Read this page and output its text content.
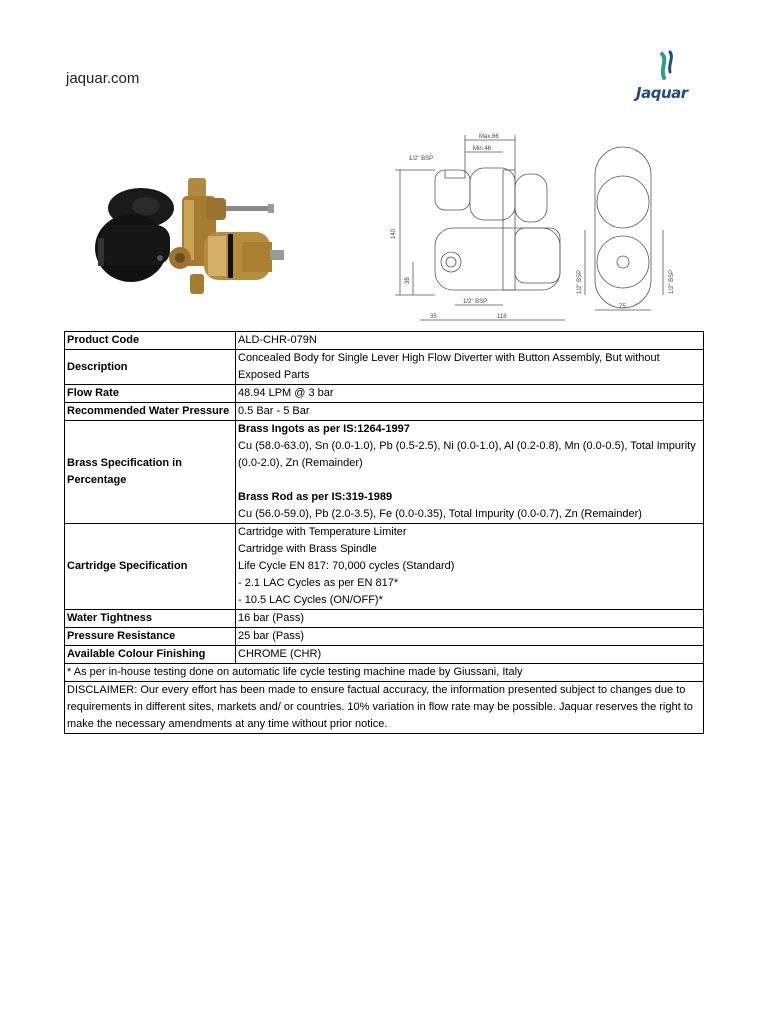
jaquar.com
Jaquar
Max.66
Min.46
1/2" BSP
140
38
1/2" BSP
35	118
75
1/2" BSP	1/2" BSP
Product Code	ALD-CHR-079N
Description	Concealed Body for Single Lever High Flow Diverter with Button Assembly, But without Exposed Parts
Flow Rate	48.94 LPM @ 3 bar
Recommended Water Pressure	0.5 Bar - 5 Bar
Brass Specification in Percentage	Brass Ingots as per IS:1264-1997
Cu (58.0-63.0), Sn (0.0-1.0), Pb (0.5-2.5), Ni (0.0-1.0), Al (0.2-0.8), Mn (0.0-0.5), Total Impurity (0.0-2.0), Zn (Remainder)
Brass Rod as per IS:319-1989
Cu (56.0-59.0), Pb (2.0-3.5), Fe (0.0-0.35), Total Impurity (0.0-0.7), Zn (Remainder)

Cartridge Specification	Cartridge with Temperature Limiter
Cartridge with Brass Spindle
Life Cycle EN 817: 70,000 cycles (Standard)
- 2.1 LAC Cycles as per EN 817*
- 10.5 LAC Cycles (ON/OFF)*

Water Tightness	16 bar (Pass)
Pressure Resistance	25 bar (Pass)
Available Colour Finishing	CHROME (CHR)
* As per in-house testing done on automatic life cycle testing machine made by Giussani, Italy	
DISCLAIMER: Our every effort has been made to ensure factual accuracy, the information presented subject to changes due to requirements in different sites, markets and/ or countries. 10% variation in flow rate may be possible. Jaquar reserves the right to make the necessary amendments at any time without prior notice.	
